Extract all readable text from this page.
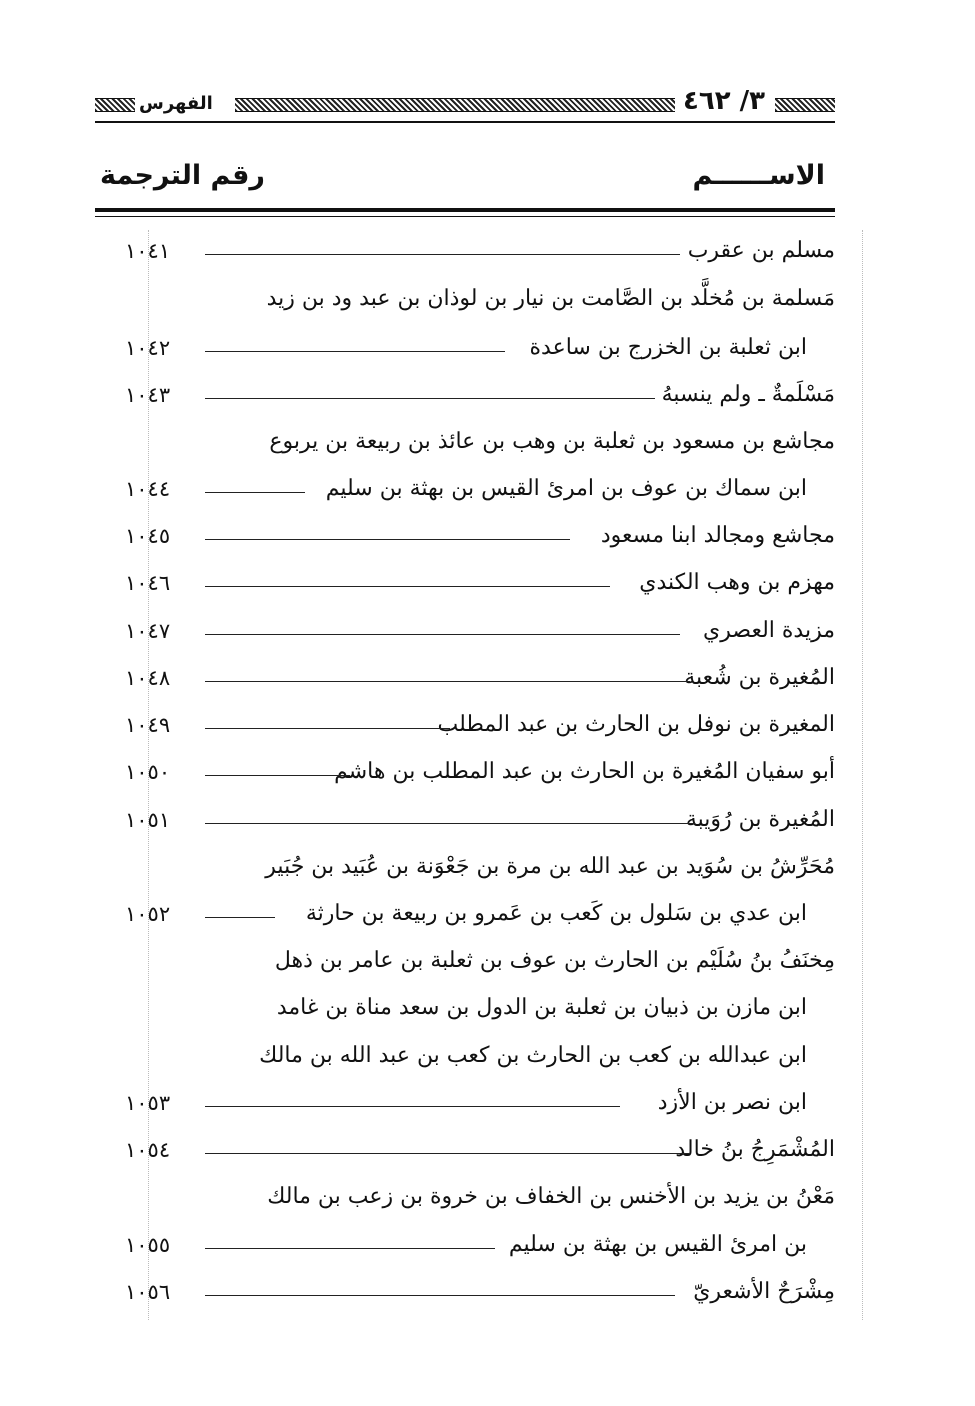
الفهرس	٣/ ٤٦٢
الاســــــم
رقم الترجمة
مسلم بن عقرب
١٠٤١
مَسلمة بن مُخلَّد بن الصَّامت بن نيار بن لوذان بن عبد ود بن زيد
ابن ثعلبة بن الخزرج بن ساعدة
١٠٤٢
مَسْلَمةٌ ـ ولم ينسبهُ
١٠٤٣
مجاشع بن مسعود بن ثعلبة بن وهب بن عائذ بن ربيعة بن يربوع
ابن سماك بن عوف بن امرئ القيس بن بهثة بن سليم
١٠٤٤
مجاشع ومجالد ابنا مسعود
١٠٤٥
مهزم بن وهب الكندي
١٠٤٦
مزيدة العصري
١٠٤٧
المُغيرة بن شُعبة
١٠٤٨
المغيرة بن نوفل بن الحارث بن عبد المطلب
١٠٤٩
أبو سفيان المُغيرة بن الحارث بن عبد المطلب بن هاشم
١٠٥٠
المُغيرة بن رُوَيبة
١٠٥١
مُحَرِّشُ بن سُوَيد بن عبد الله بن مرة بن جَعْوَنة بن عُبَيد بن جُبَير
ابن عدي بن سَلول بن كَعب بن عَمرو بن ربيعة بن حارثة
١٠٥٢
مِخنَفُ بنُ سُلَيْم بن الحارث بن عوف بن ثعلبة بن عامر بن ذهل
ابن مازن بن ذبيان بن ثعلبة بن الدول بن سعد مناة بن غامد
ابن عبدالله بن كعب بن الحارث بن كعب بن عبد الله بن مالك
ابن نصر بن الأزد
١٠٥٣
المُشْمَرِجُ بنُ خالد
١٠٥٤
مَعْنُ بن يزيد بن الأخنس بن الخفاف بن خروة بن زعب بن مالك
بن امرئ القيس بن بهثة بن سليم
١٠٥٥
مِشْرَحٌ الأشعريّ
١٠٥٦
